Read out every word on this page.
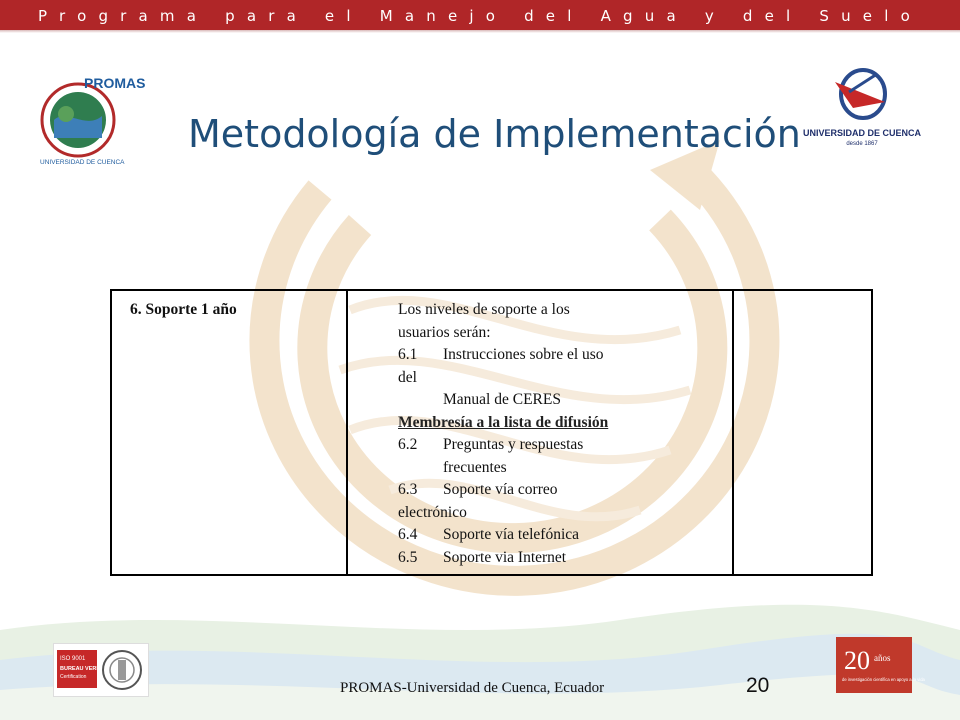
Programa para el Manejo del Agua y del Suelo
PROMAS
UNIVERSIDAD DE CUENCA
UNIVERSIDAD DE CUENCA
desde 1867
Metodología de Implementación
6. Soporte 1 año	Los niveles de soporte a los
usuarios serán:
6.1 Instrucciones sobre el uso
del
Manual de CERES
Membresía a la lista de difusión
6.2 Preguntas y respuestas
frecuentes
6.3 Soporte vía correo
electrónico
6.4 Soporte vía telefónica
6.5 Soporte via Internet

ISO 9001
BUREAU VERITAS
Certification
20 años
de investigación científica en apoyo a la vida
PROMAS-Universidad de Cuenca, Ecuador	20
